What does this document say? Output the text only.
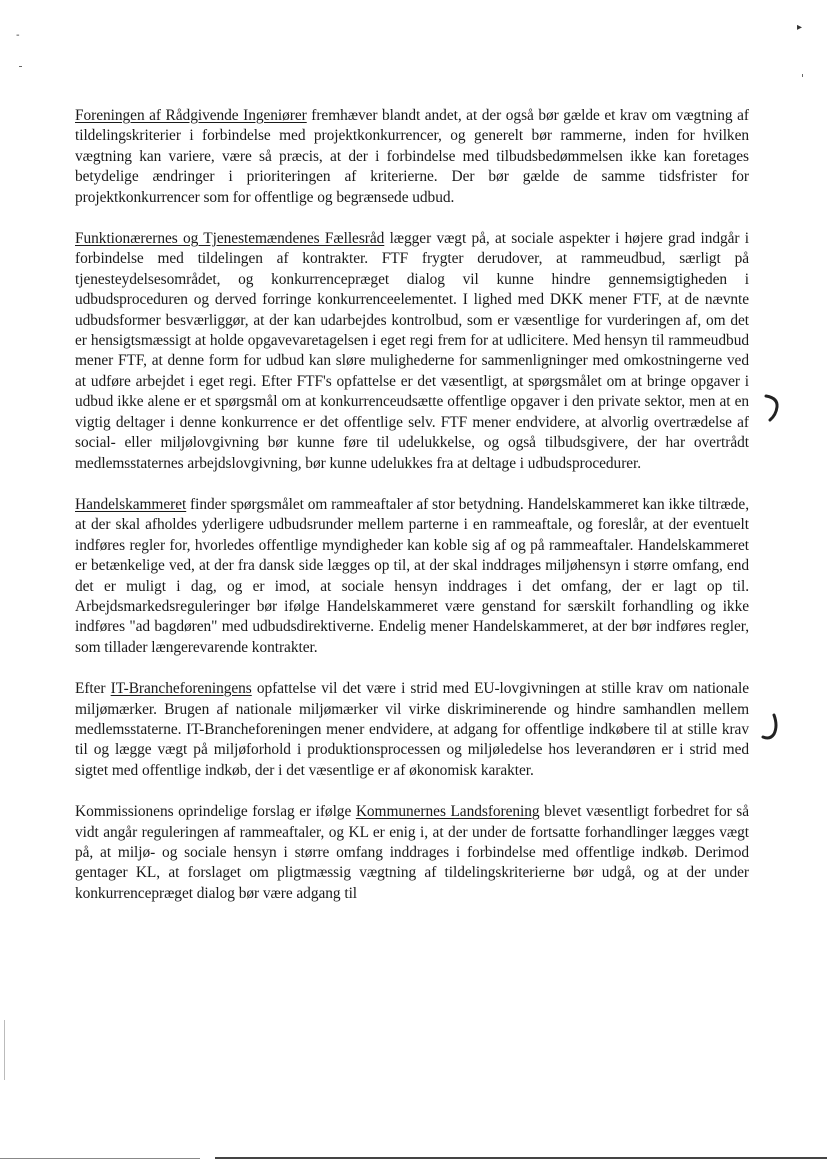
-
▸

Foreningen af Rådgivende Ingeniører fremhæver blandt andet, at der også bør gælde et krav om vægtning af tildelingskriterier i forbindelse med projektkonkurrencer, og generelt bør rammerne, inden for hvilken vægtning kan variere, være så præcis, at der i forbindelse med tilbudsbedømmelsen ikke kan foretages betydelige ændringer i prioriteringen af kriterierne. Der bør gælde de samme tidsfrister for projektkonkurrencer som for offentlige og begrænsede udbud.

Funktionærernes og Tjenestemændenes Fællesråd lægger vægt på, at sociale aspekter i højere grad indgår i forbindelse med tildelingen af kontrakter. FTF frygter derudover, at rammeudbud, særligt på tjenesteydelsesområdet, og konkurrencepræget dialog vil kunne hindre gennemsigtigheden i udbudsproceduren og derved forringe konkurrenceelementet. I lighed med DKK mener FTF, at de nævnte udbudsformer besværliggør, at der kan udarbejdes kontrolbud, som er væsentlige for vurderingen af, om det er hensigtsmæssigt at holde opgavevaretagelsen i eget regi frem for at udlicitere. Med hensyn til rammeudbud mener FTF, at denne form for udbud kan sløre mulighederne for sammenligninger med omkostningerne ved at udføre arbejdet i eget regi. Efter FTF's opfattelse er det væsentligt, at spørgsmålet om at bringe opgaver i udbud ikke alene er et spørgsmål om at konkurrenceudsætte offentlige opgaver i den private sektor, men at en vigtig deltager i denne konkurrence er det offentlige selv. FTF mener endvidere, at alvorlig overtrædelse af social- eller miljølovgivning bør kunne føre til udelukkelse, og også tilbudsgivere, der har overtrådt medlemsstaternes arbejdslovgivning, bør kunne udelukkes fra at deltage i udbudsprocedurer.

Handelskammeret finder spørgsmålet om rammeaftaler af stor betydning. Handelskammeret kan ikke tiltræde, at der skal afholdes yderligere udbudsrunder mellem parterne i en rammeaftale, og foreslår, at der eventuelt indføres regler for, hvorledes offentlige myndigheder kan koble sig af og på rammeaftaler. Handelskammeret er betænkelige ved, at der fra dansk side lægges op til, at der skal inddrages miljøhensyn i større omfang, end det er muligt i dag, og er imod, at sociale hensyn inddrages i det omfang, der er lagt op til. Arbejdsmarkedsreguleringer bør ifølge Handelskammeret være genstand for særskilt forhandling og ikke indføres "ad bagdøren" med udbudsdirektiverne. Endelig mener Handelskammeret, at der bør indføres regler, som tillader længerevarende kontrakter.

Efter IT-Brancheforeningens opfattelse vil det være i strid med EU-lovgivningen at stille krav om nationale miljømærker. Brugen af nationale miljømærker vil virke diskriminerende og hindre samhandlen mellem medlemsstaterne. IT-Brancheforeningen mener endvidere, at adgang for offentlige indkøbere til at stille krav til og lægge vægt på miljøforhold i produktionsprocessen og miljøledelse hos leverandøren er i strid med sigtet med offentlige indkøb, der i det væsentlige er af økonomisk karakter.

Kommissionens oprindelige forslag er ifølge Kommunernes Landsforening blevet væsentligt forbedret for så vidt angår reguleringen af rammeaftaler, og KL er enig i, at der under de fortsatte forhandlinger lægges vægt på, at miljø- og sociale hensyn i større omfang inddrages i forbindelse med offentlige indkøb. Derimod gentager KL, at forslaget om pligtmæssig vægtning af tildelingskriterierne bør udgå, og at der under konkurrencepræget dialog bør være adgang til
